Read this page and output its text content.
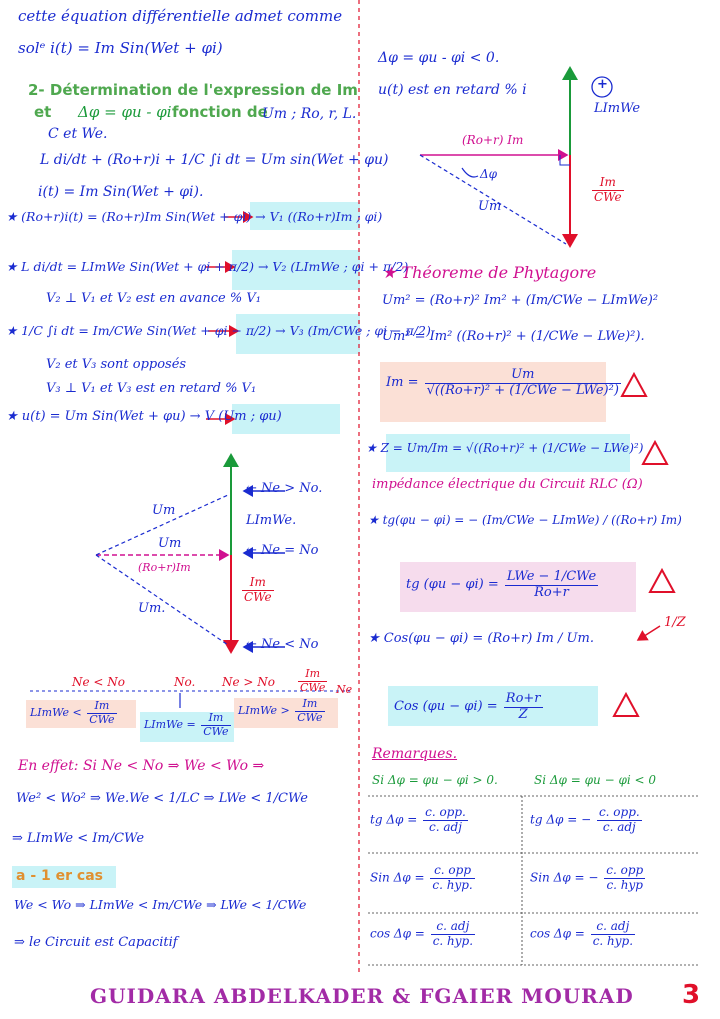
cette équation différentielle admet comme
solᵉ i(t) = Im Sin(Wet + φi)
2- Détermination de l'expression de Im
et Δφ = φu - φi fonction de
Um ; Ro, r, L.
C et We.
L di/dt + (Ro+r)i + 1/C ∫i dt = Um sin(Wet + φu)
i(t) = Im Sin(Wet + φi).
★ (Ro+r)i(t) = (Ro+r)Im Sin(Wet + φi) → V₁ ((Ro+r)Im ; φi)
★ L di/dt = LImWe Sin(Wet + φi + π/2) → V₂ (LImWe ; φi + π/2)
V₂ ⊥ V₁ et V₂ est en avance % V₁
★ 1/C ∫i dt = Im/CWe Sin(Wet + φi − π/2) → V₃ (Im/CWe ; φi − π/2)
V₂ et V₃ sont opposés
V₃ ⊥ V₁ et V₃ est en retard % V₁
★ u(t) = Um Sin(Wet + φu) → V (Um ; φu)
← Ne > No.
← Ne = No
← Ne < No
Um
Um
Um.
LImWe.
(Ro+r)Im
$\frac{Im}{\text{CWe}}$
Ne < No	No. Ne > No
Ne
$\frac{Im}{\text{CWe}}$
LImWe < $\frac{Im}{\text{CWe}}$ LImWe = $\frac{Im}{\text{CWe}}$
LImWe > $\frac{Im}{\text{CWe}}$
En effet: Si Ne < No ⇒ We < Wo ⇒
We² < Wo² ⇒ We.We < 1/LC ⇒ LWe < 1/CWe
⇒ LImWe < Im/CWe
a - 1 er cas
We < Wo ⇒ LImWe < Im/CWe ⇒ LWe < 1/CWe
⇒ le Circuit est Capacitif
Δφ = φu - φi < 0.
u(t) est en retard % i	+
LImWe
(Ro+r) Im
Δφ
Um
$\frac{Im}{\text{CWe}}$
★ Théoreme de Phytagore
Um² = (Ro+r)² Im² + (Im/CWe − LImWe)²
Um² = Im² ((Ro+r)² + (1/CWe − LWe)²).
$Im = \frac{Um}{\text{√((Ro+r)² + (1/CWe − LWe)²)}}$
★ Z = Um/Im = √((Ro+r)² + (1/CWe − LWe)²)
impédance électrique du Circuit RLC (Ω)
★ tg(φu − φi) = − (Im/CWe − LImWe) / ((Ro+r) Im)
tg $(\varphi u - \varphi i) = \frac{\text{LWe − 1/CWe}}{Ro+r}$
★ Cos(φu − φi) = (Ro+r) Im / Um.
1/Z
Cos $(\varphi u - \varphi i) = \frac{Ro+r}{Z}$
Remarques.
Si Δφ = φu − φi > 0.	Si Δφ = φu − φi < 0
tg $\Delta\varphi = \frac{\text{c. opp.}}{\text{c. adj}}$	tg Δφ = − $\frac{\text{c. opp.}}{\text{c. adj}}$
Sin $\Delta\varphi = \frac{\text{c. opp}}{\text{c. hyp.}}$	Sin Δφ = − $\frac{\text{c. opp}}{\text{c. hyp}}$
$\cos \Delta\varphi = \frac{\text{c. adj}}{\text{c. hyp.}}$	$\cos \Delta\varphi = \frac{\text{c. adj}}{\text{c. hyp.}}$
GUIDARA ABDELKADER & FGAIER MOURAD 3
